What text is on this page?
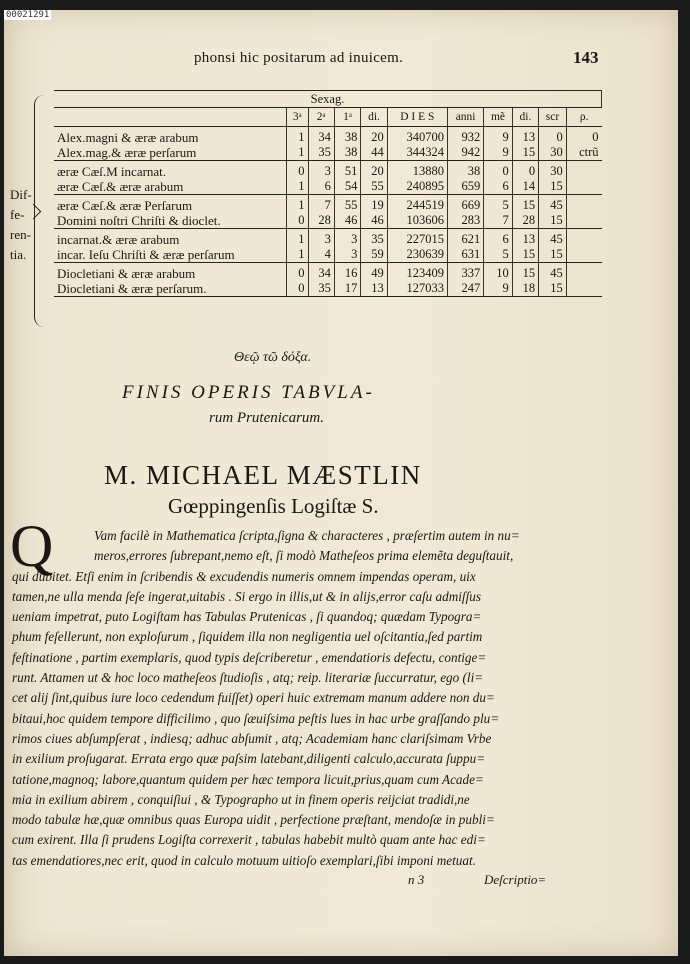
00021291
phonsi hic positarum ad inuicem.	143
Dif-
fe-
ren-
tia.
Sexag.										
	3ᵃ	2ᵃ	1ᵃ	di.	D I E S	anni	mẽ	di.	scr	ρ.
Alex.magni & æræ arabum	1	34	38	20	340700	932	9	13	0	0
Alex.mag.& æræ perſarum	1	35	38	44	344324	942	9	15	30	ctrũ
æræ Cæſ.M incarnat.	0	3	51	20	13880	38	0	0	30	
æræ Cæſ.& æræ arabum	1	6	54	55	240895	659	6	14	15	
æræ Cæſ.& æræ Perſarum	1	7	55	19	244519	669	5	15	45	
Domini noſtri Chriſti & dioclet.	0	28	46	46	103606	283	7	28	15	
incarnat.& æræ arabum	1	3	3	35	227015	621	6	13	45	
incar. Ieſu Chriſti & æræ perſarum	1	4	3	59	230639	631	5	15	15	
Diocletiani & æræ arabum	0	34	16	49	123409	337	10	15	45	
Diocletiani & æræ perſarum.	0	35	17	13	127033	247	9	18	15	
Θεῷ τῶ δόξα.
FINIS OPERIS TABVLA-
rum Prutenicarum.
M. MICHAEL MÆSTLIN
Gœppingenſis Logiſtæ S.
Q	Vam facilè in Mathematica ſcripta,ſigna & characteres , præſertim autem in nu=
meros,errores ſubrepant,nemo eſt, ſi modò Matheſeos prima elemẽta deguſtauit,
qui dubitet. Etſi enim in ſcribendis & excudendis numeris omnem impendas operam, uix
tamen,ne ulla menda ſeſe ingerat,uitabis . Si ergo in illis,ut & in alijs,error caſu admiſſus
ueniam impetrat, puto Logiſtam has Tabulas Prutenicas , ſi quandoq; quædam Typogra=
phum feſellerunt, non exploſurum , ſiquidem illa non negligentia uel oſcitantia,ſed partim
feſtinatione , partim exemplaris, quod typis deſcriberetur , emendatioris defectu, contige=
runt. Attamen ut & hoc loco matheſeos ſtudioſis , atq; reip. literariæ ſuccurratur, ego (li=
cet alij ſint,quibus iure loco cedendum fuiſſet) operi huic extremam manum addere non du=
bitaui,hoc quidem tempore difficilimo , quo ſæuiſsima peſtis lues in hac urbe graſſando plu=
rimos ciues abſumpſerat , indiesq; adhuc abſumit , atq; Academiam hanc clariſsimam Vrbe
in exilium proſugarat. Errata ergo quæ paſsim latebant,diligenti calculo,accurata ſuppu=
tatione,magnoq; labore,quantum quidem per hæc tempora licuit,prius,quam cum Acade=
mia in exilium abirem , conquiſiui , & Typographo ut in finem operis reijciat tradidi,ne
modo tabulæ hæ,quæ omnibus quas Europa uidit , perfectione præſtant, mendoſæ in publi=
cum exirent. Illa ſi prudens Logiſta correxerit , tabulas habebit multò quam ante hac edi=
tas emendatiores,nec erit, quod in calculo motuum uitioſo exemplari,ſibi imponi metuat.
n 3	Deſcriptio=
